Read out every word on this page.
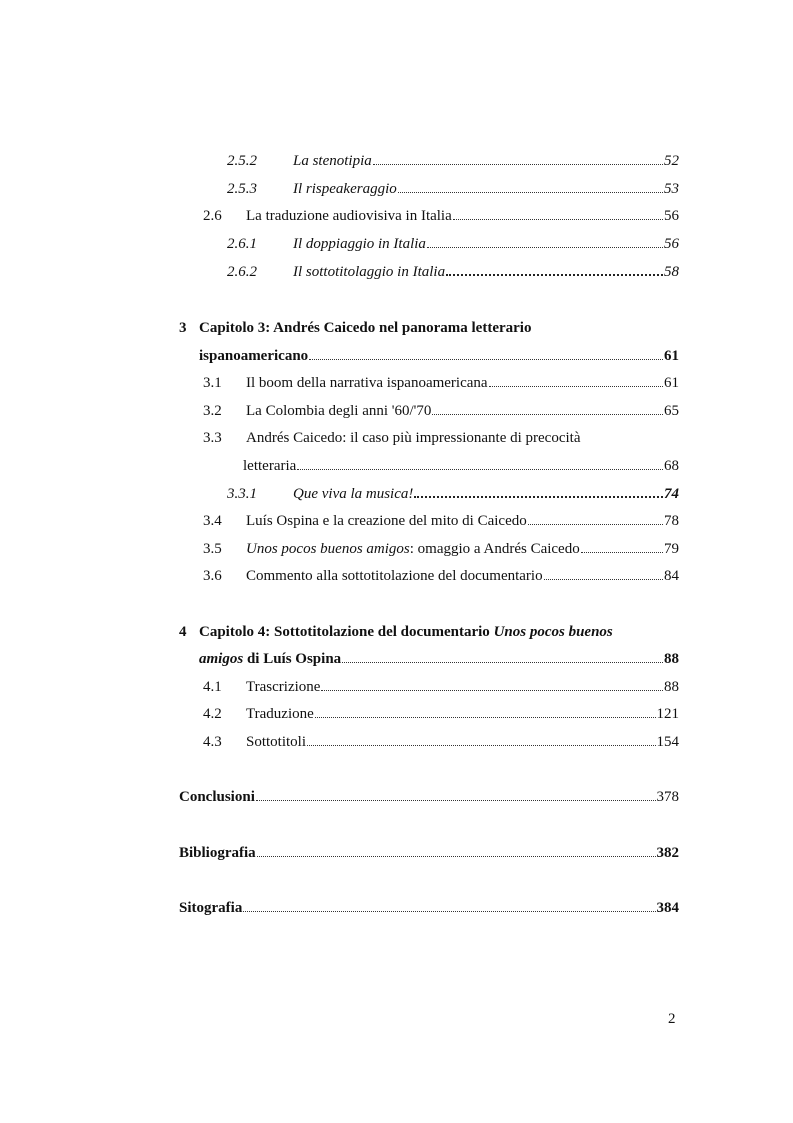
2.5.2	La stenotipia	52
2.5.3	Il rispeakeraggio	53
2.6	La traduzione audiovisiva in Italia	56
2.6.1	Il doppiaggio in Italia	56
2.6.2	Il sottotitolaggio in Italia	58
3 Capitolo 3: Andrés Caicedo nel panorama letterario
ispanoamericano	61
3.1	Il boom della narrativa ispanoamericana	61
3.2	La Colombia degli anni '60/'70	65
3.3 Andrés Caicedo: il caso più impressionante di precocità
letteraria	68
3.3.1	Que viva la musica!	74
3.4	Luís Ospina e la creazione del mito di Caicedo	78
3.5	Unos pocos buenos amigos: omaggio a Andrés Caicedo	79
3.6	Commento alla sottotitolazione del documentario	84
4 Capitolo 4: Sottotitolazione del documentario Unos pocos buenos
amigos di Luís Ospina	88
4.1	Trascrizione	88
4.2	Traduzione	121
4.3	Sottotitoli	154
Conclusioni	378
Bibliografia	382
Sitografia	384
2
